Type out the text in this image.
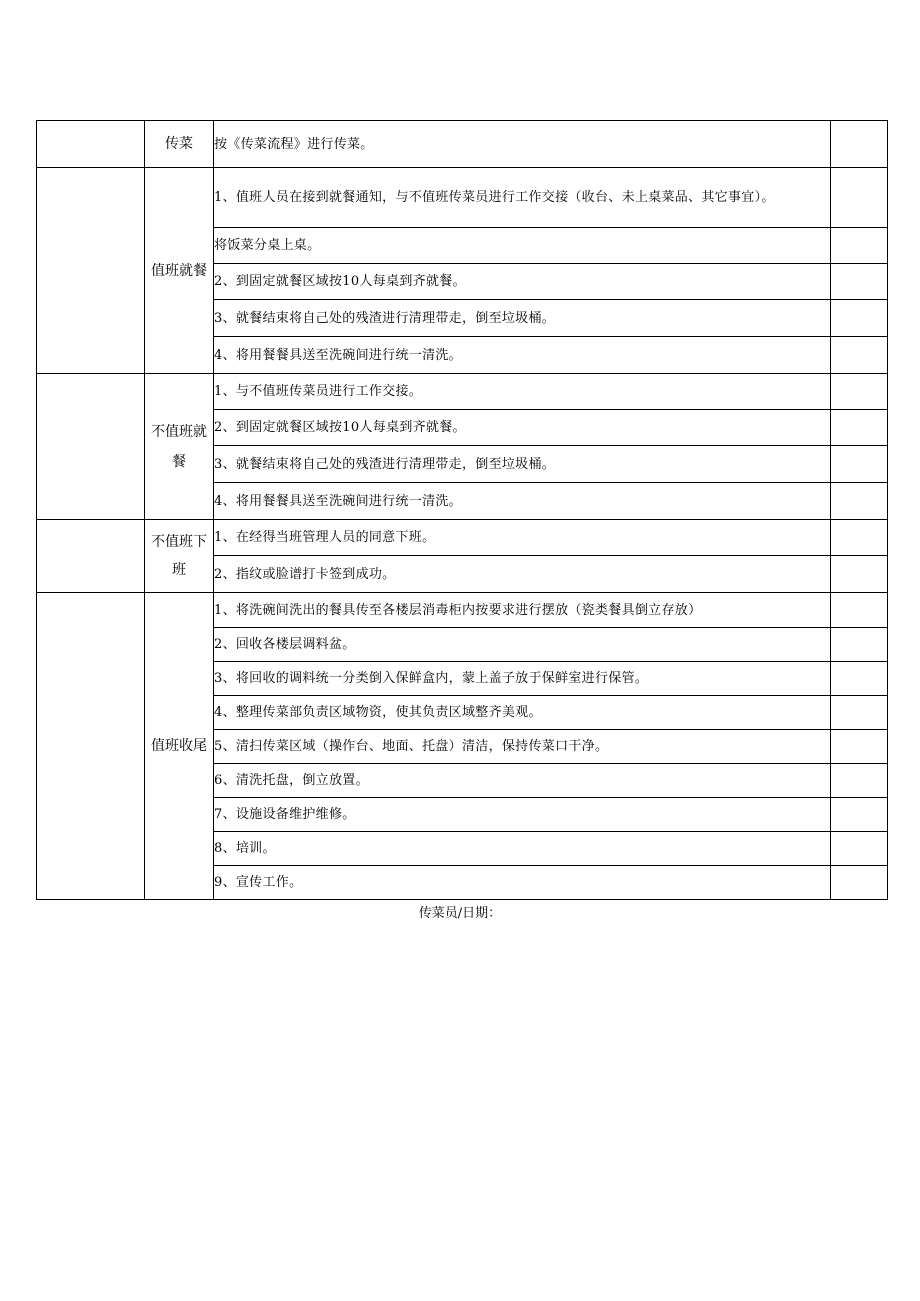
	传菜	按《传菜流程》进行传菜。	
	值班就餐	1、值班人员在接到就餐通知，与不值班传菜员进行工作交接（收台、未上桌菜品、其它事宜）。	
		将饭菜分桌上桌。	
		2、到固定就餐区域按10人每桌到齐就餐。	
		3、就餐结束将自己处的残渣进行清理带走，倒至垃圾桶。	
		4、将用餐餐具送至洗碗间进行统一清洗。	
	不值班就餐	1、与不值班传菜员进行工作交接。	
		2、到固定就餐区域按10人每桌到齐就餐。	
		3、就餐结束将自己处的残渣进行清理带走，倒至垃圾桶。	
		4、将用餐餐具送至洗碗间进行统一清洗。	
	不值班下班	1、在经得当班管理人员的同意下班。	
		2、指纹或脸谱打卡签到成功。	
	值班收尾	1、将洗碗间洗出的餐具传至各楼层消毒柜内按要求进行摆放（瓷类餐具倒立存放）	
		2、回收各楼层调料盆。	
		3、将回收的调料统一分类倒入保鲜盒内，蒙上盖子放于保鲜室进行保管。	
		4、整理传菜部负责区域物资，使其负责区域整齐美观。	
		5、清扫传菜区域（操作台、地面、托盘）清洁，保持传菜口干净。	
		6、清洗托盘，倒立放置。	
		7、设施设备维护维修。	
		8、培训。	
		9、宣传工作。	
传菜员/日期：
